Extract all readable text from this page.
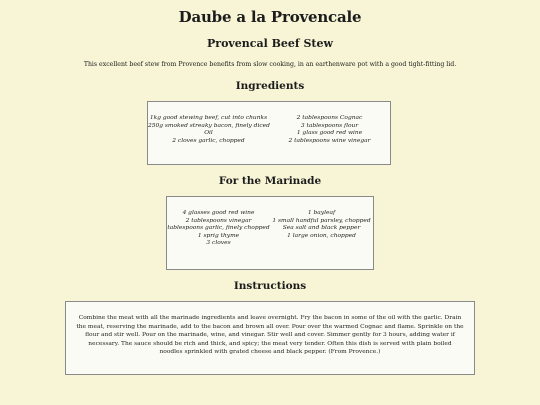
Daube a la Provencale
Provencal Beef Stew

This excellent beef stew from Provence benefits from slow cooking, in an earthenware pot with a good tight-fitting lid.

Ingredients
1kg good stewing beef, cut into chunks
250g smoked streaky bacon, finely diced
Oil
2 cloves garlic, chopped
2 tablespoons Cognac
3 tablespoons flour
1 glass good red wine
2 tablespoons wine vinegar
For the Marinade
4 glasses good red wine
2 tablespoons vinegar
tablespoons garlic, finely chopped
1 sprig thyme
3 cloves
1 bayleaf
1 small handful parsley, chopped
Sea salt and black pepper
1 large onion, chopped
Instructions

Combine the meat with all the marinade ingredients and leave overnight. Fry the bacon in some of the oil with the garlic. Drain the meat, reserving the marinade, add to the bacon and brown all over. Pour over the warmed Cognac and flame. Sprinkle on the flour and stir well. Pour on the marinade, wine, and vinegar. Stir well and cover. Simmer gently for 3 hours, adding water if necessary. The sauce should be rich and thick, and spicy; the meat very tender. Often this dish is served with plain boiled noodles sprinkled with grated cheese and black pepper. (From Provence.)
